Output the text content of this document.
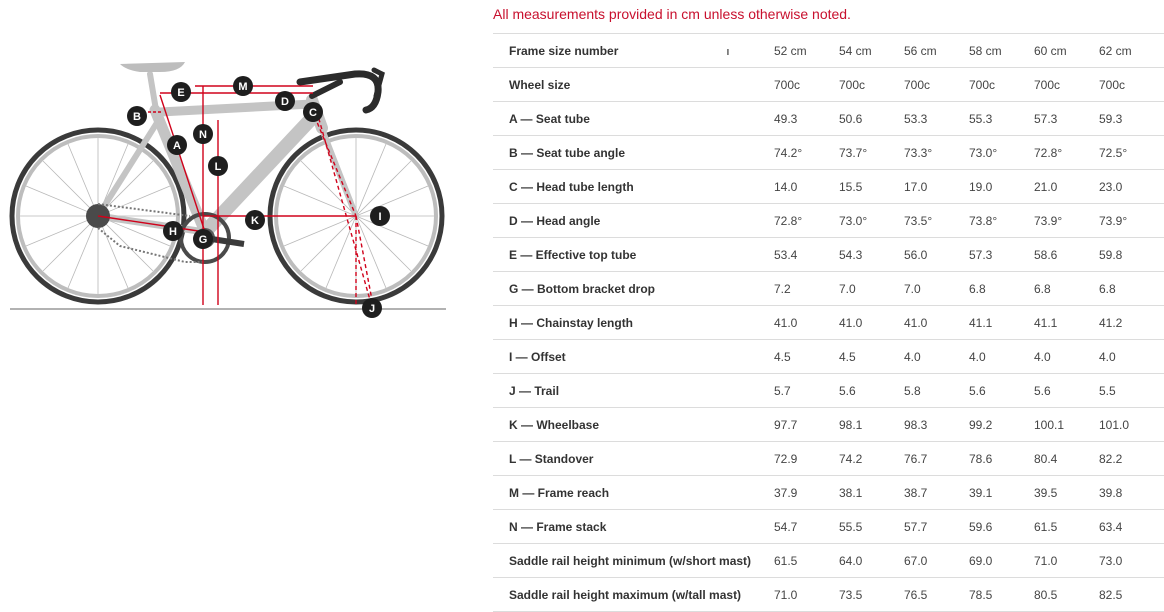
A
B	C
D
E
G
H
I
J
K
L
M
N
All measurements provided in cm unless otherwise noted.
Frame size number ı	52 cm	54 cm	56 cm	58 cm	60 cm	62 cm
Wheel size	700c	700c	700c	700c	700c	700c
A — Seat tube	49.3	50.6	53.3	55.3	57.3	59.3
B — Seat tube angle	74.2°	73.7°	73.3°	73.0°	72.8°	72.5°
C — Head tube length	14.0	15.5	17.0	19.0	21.0	23.0
D — Head angle	72.8°	73.0°	73.5°	73.8°	73.9°	73.9°
E — Effective top tube	53.4	54.3	56.0	57.3	58.6	59.8
G — Bottom bracket drop	7.2	7.0	7.0	6.8	6.8	6.8
H — Chainstay length	41.0	41.0	41.0	41.1	41.1	41.2
I — Offset	4.5	4.5	4.0	4.0	4.0	4.0
J — Trail	5.7	5.6	5.8	5.6	5.6	5.5
K — Wheelbase	97.7	98.1	98.3	99.2	100.1	101.0
L — Standover	72.9	74.2	76.7	78.6	80.4	82.2
M — Frame reach	37.9	38.1	38.7	39.1	39.5	39.8
N — Frame stack	54.7	55.5	57.7	59.6	61.5	63.4
Saddle rail height minimum (w/short mast)	61.5	64.0	67.0	69.0	71.0	73.0
Saddle rail height maximum (w/tall mast)	71.0	73.5	76.5	78.5	80.5	82.5
